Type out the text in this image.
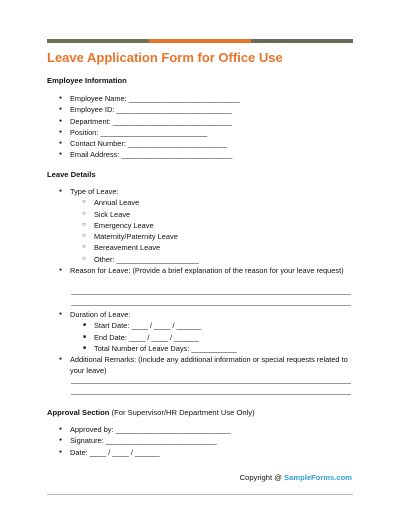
Leave Application Form for Office Use
Employee Information
● Employee Name: ___________________________
● Employee ID: ____________________________
● Department: _____________________________
● Position: __________________________
● Contact Number: ________________________
● Email Address: ___________________________
Leave Details
● Type of Leave:
○ Annual Leave
○ Sick Leave
○ Emergency Leave
○ Maternity/Paternity Leave
○ Bereavement Leave
○ Other: ____________________
● Reason for Leave: (Provide a brief explanation of the reason for your leave request)
● Duration of Leave:
■ Start Date: ____ / ____ / ______
■ End Date: ____ / ____ / ______
■ Total Number of Leave Days: ___________
● Additional Remarks: (Include any additional information or special requests related to your leave)
Approval Section (For Supervisor/HR Department Use Only)
● Approved by: ____________________________
● Signature: ___________________________
● Date: ____ / ____ / ______
Copyright @ SampleForms.com
